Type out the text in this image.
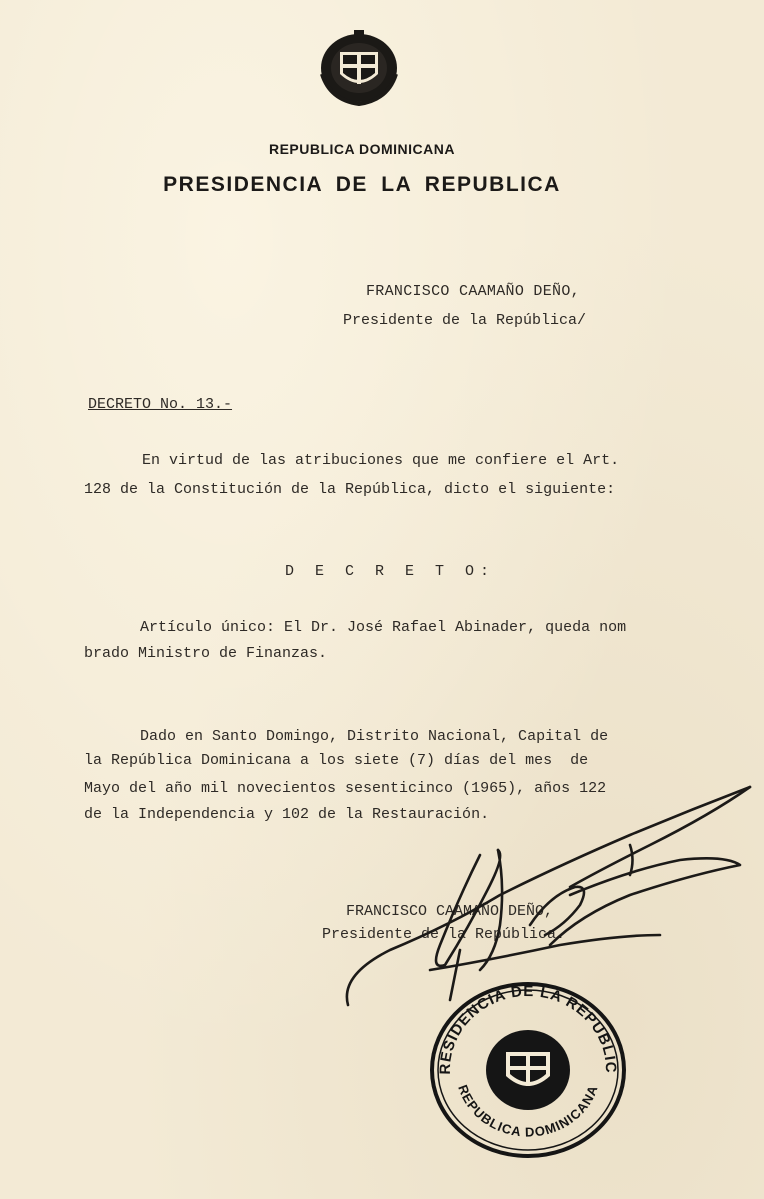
REPUBLICA DOMINICANA
PRESIDENCIA DE LA REPUBLICA
FRANCISCO CAAMAÑO DEÑO,
Presidente de la República/
DECRETO No. 13.-
En virtud de las atribuciones que me confiere el Art.
128 de la Constitución de la República, dicto el siguiente:
D E C R E T O:
Artículo único: El Dr. José Rafael Abinader, queda nom
brado Ministro de Finanzas.
Dado en Santo Domingo, Distrito Nacional, Capital de
la República Dominicana a los siete (7) días del mes  de
Mayo del año mil novecientos sesenticinco (1965), años 122
de la Independencia y 102 de la Restauración.
FRANCISCO CAAMAÑO DEÑO,
Presidente de la República.
PRESIDENCIA DE LA REPUBLICA
REPUBLICA DOMINICANA
